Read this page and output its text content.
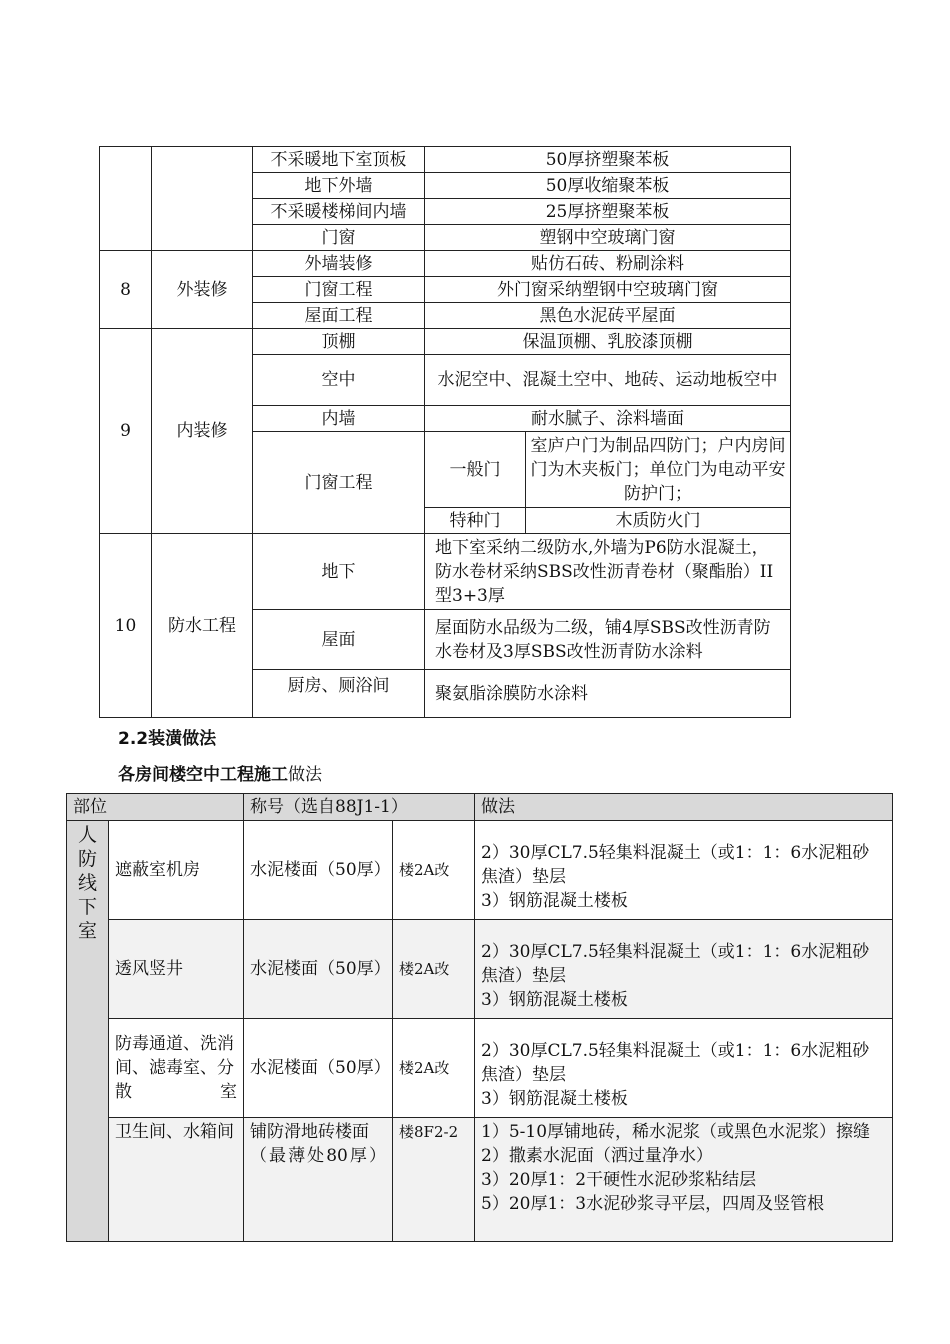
		不采暖地下室顶板	50厚挤塑聚苯板	
		地下外墙	50厚收缩聚苯板	
		不采暖楼梯间内墙	25厚挤塑聚苯板	
		门窗	塑钢中空玻璃门窗	
8	外装修	外墙装修	贴仿石砖、粉刷涂料	
		门窗工程	外门窗采纳塑钢中空玻璃门窗	
		屋面工程	黑色水泥砖平屋面	
9	内装修	顶棚	保温顶棚、乳胶漆顶棚	
		空中	水泥空中、混凝土空中、地砖、运动地板空中	
		内墙	耐水腻子、涂料墙面	
		门窗工程	一般门	室庐户门为制品四防门；户内房间门为木夹板门；单位门为电动平安防护门；
			特种门	木质防火门
10	防水工程	地下	地下室采纳二级防水,外墙为P6防水混凝土，防水卷材采纳SBS改性沥青卷材（聚酯胎）II型3+3厚	
		屋面	屋面防水品级为二级，铺4厚SBS改性沥青防水卷材及3厚SBS改性沥青防水涂料	
		厨房、厕浴间	聚氨脂涂膜防水涂料	
2.2装潢做法
各房间楼空中工程施工做法
部位		称号（选自88J1-1）		做法

人防线下室	遮蔽室机房	水泥楼面（50厚）	楼2A改	2）30厚CL7.5轻集料混凝土（或1：1：6水泥粗砂焦渣）垫层
3）钢筋混凝土楼板
	透风竖井	水泥楼面（50厚）	楼2A改	2）30厚CL7.5轻集料混凝土（或1：1：6水泥粗砂焦渣）垫层
3）钢筋混凝土楼板
	防毒通道、洗消间、滤毒室、分散室	水泥楼面（50厚）	楼2A改	2）30厚CL7.5轻集料混凝土（或1：1：6水泥粗砂焦渣）垫层
3）钢筋混凝土楼板
	卫生间、水箱间	铺防滑地砖楼面（最薄处80厚）	楼8F2-2	1）5-10厚铺地砖，稀水泥浆（或黑色水泥浆）擦缝
2）撒素水泥面（洒过量净水）
3）20厚1：2干硬性水泥砂浆粘结层
5）20厚1：3水泥砂浆寻平层，四周及竖管根
